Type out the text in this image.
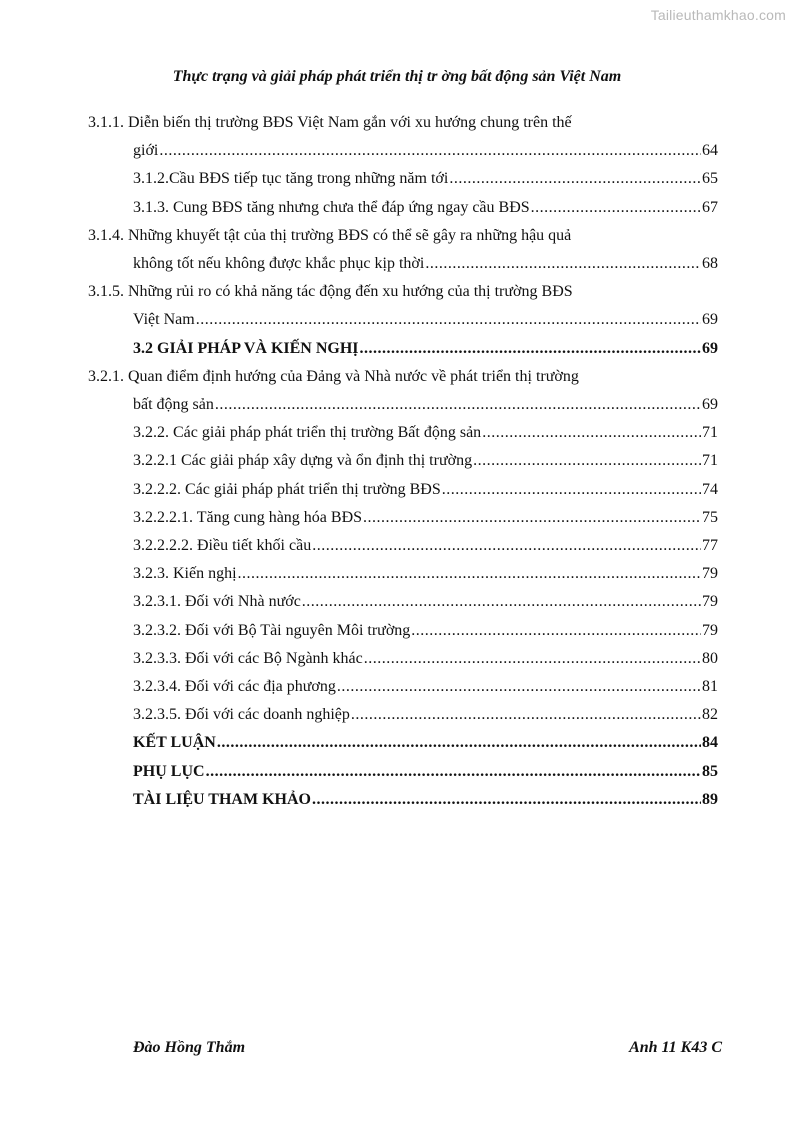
Tailieuthamkhao.com
Thực trạng và giải pháp phát triển thị tr ờng bất động sản Việt Nam
3.1.1. Diễn biến thị trường BĐS Việt Nam gắn với xu hướng chung trên thế
giới .....	64
3.1.2.Cầu BĐS tiếp tục tăng trong những năm tới .....	65
3.1.3. Cung BĐS tăng nhưng chưa thể đáp ứng ngay cầu BĐS .....	67
3.1.4. Những khuyết tật của thị trường BĐS có thể sẽ gây ra những hậu quả
không tốt nếu không được khắc phục kịp thời .....	68
3.1.5. Những rủi ro có khả năng tác động đến xu hướng của thị trường BĐS
Việt Nam .....	69
3.2 GIẢI PHÁP VÀ KIẾN NGHỊ .....	69
3.2.1. Quan điểm định hướng của Đảng và Nhà nước về phát triển thị trường
bất động sản .....	69
3.2.2. Các giải pháp phát triển thị trường Bất động sản .....	71
3.2.2.1 Các giải pháp xây dựng và ổn định thị trường .....	71
3.2.2.2. Các giải pháp phát triển thị trường BĐS .....	74
3.2.2.2.1. Tăng cung hàng hóa BĐS .....	75
3.2.2.2.2. Điều tiết khối cầu .....	77
3.2.3. Kiến nghị .....	79
3.2.3.1. Đối với Nhà nước .....	79
3.2.3.2. Đối với Bộ Tài nguyên Môi trường .....	79
3.2.3.3. Đối với các Bộ Ngành khác .....	80
3.2.3.4. Đối với các địa phương .....	81
3.2.3.5. Đối với các doanh nghiệp .....	82
KẾT LUẬN .....	84
PHỤ LỤC .....	85
TÀI LIỆU THAM KHẢO .....	89
Đào Hồng Thắm	Anh 11 K43 C
